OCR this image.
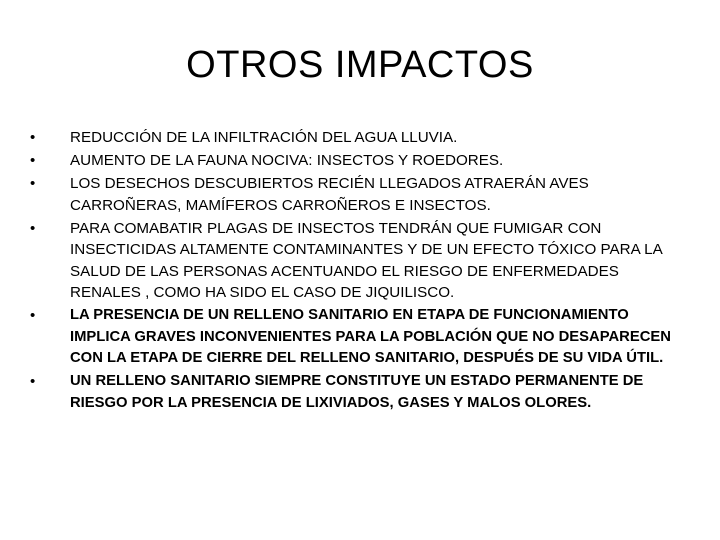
OTROS IMPACTOS
•	REDUCCIÓN DE LA INFILTRACIÓN DEL AGUA LLUVIA.
•	AUMENTO DE LA FAUNA NOCIVA: INSECTOS Y ROEDORES.
•	LOS DESECHOS DESCUBIERTOS RECIÉN LLEGADOS ATRAERÁN AVES CARROÑERAS, MAMÍFEROS CARROÑEROS E INSECTOS.
•	PARA COMABATIR PLAGAS DE INSECTOS TENDRÁN QUE FUMIGAR CON INSECTICIDAS ALTAMENTE CONTAMINANTES Y DE UN EFECTO TÓXICO PARA LA SALUD DE LAS PERSONAS ACENTUANDO EL RIESGO DE ENFERMEDADES RENALES , COMO HA SIDO EL CASO DE JIQUILISCO.
•	LA PRESENCIA DE UN RELLENO SANITARIO EN ETAPA DE FUNCIONAMIENTO IMPLICA GRAVES INCONVENIENTES PARA LA POBLACIÓN QUE NO DESAPARECEN CON LA ETAPA DE CIERRE DEL RELLENO SANITARIO, DESPUÉS DE SU VIDA ÚTIL.
•	UN RELLENO SANITARIO SIEMPRE CONSTITUYE UN ESTADO PERMANENTE DE RIESGO POR LA PRESENCIA DE LIXIVIADOS, GASES Y MALOS OLORES.
